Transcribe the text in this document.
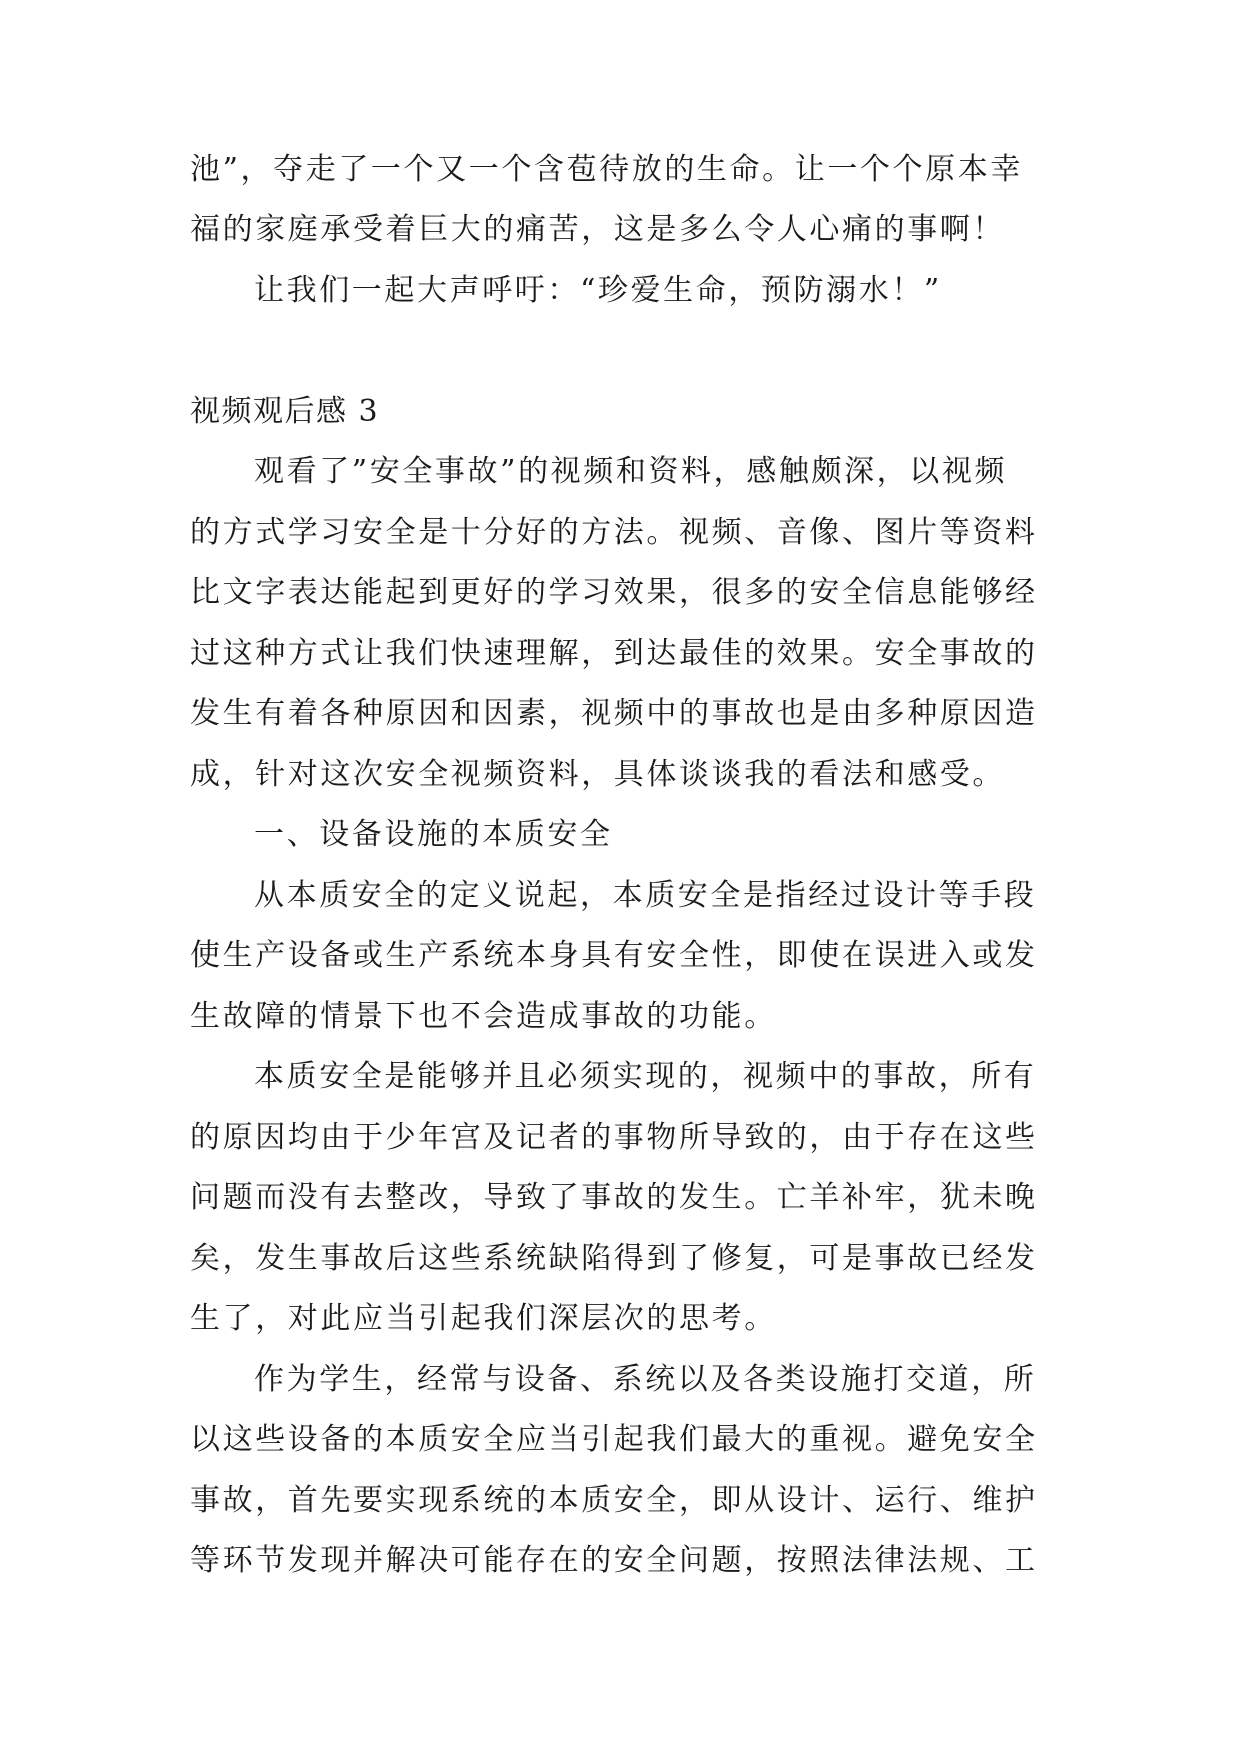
池”，夺走了一个又一个含苞待放的生命。让一个个原本幸
福的家庭承受着巨大的痛苦，这是多么令人心痛的事啊！
让我们一起大声呼吁：“珍爱生命，预防溺水！”
视频观后感 3
观看了”安全事故”的视频和资料，感触颇深，以视频
的方式学习安全是十分好的方法。视频、音像、图片等资料
比文字表达能起到更好的学习效果，很多的安全信息能够经
过这种方式让我们快速理解，到达最佳的效果。安全事故的
发生有着各种原因和因素，视频中的事故也是由多种原因造
成，针对这次安全视频资料，具体谈谈我的看法和感受。
一、设备设施的本质安全
从本质安全的定义说起，本质安全是指经过设计等手段
使生产设备或生产系统本身具有安全性，即使在误进入或发
生故障的情景下也不会造成事故的功能。
本质安全是能够并且必须实现的，视频中的事故，所有
的原因均由于少年宫及记者的事物所导致的，由于存在这些
问题而没有去整改，导致了事故的发生。亡羊补牢，犹未晚
矣，发生事故后这些系统缺陷得到了修复，可是事故已经发
生了，对此应当引起我们深层次的思考。
作为学生，经常与设备、系统以及各类设施打交道，所
以这些设备的本质安全应当引起我们最大的重视。避免安全
事故，首先要实现系统的本质安全，即从设计、运行、维护
等环节发现并解决可能存在的安全问题，按照法律法规、工
